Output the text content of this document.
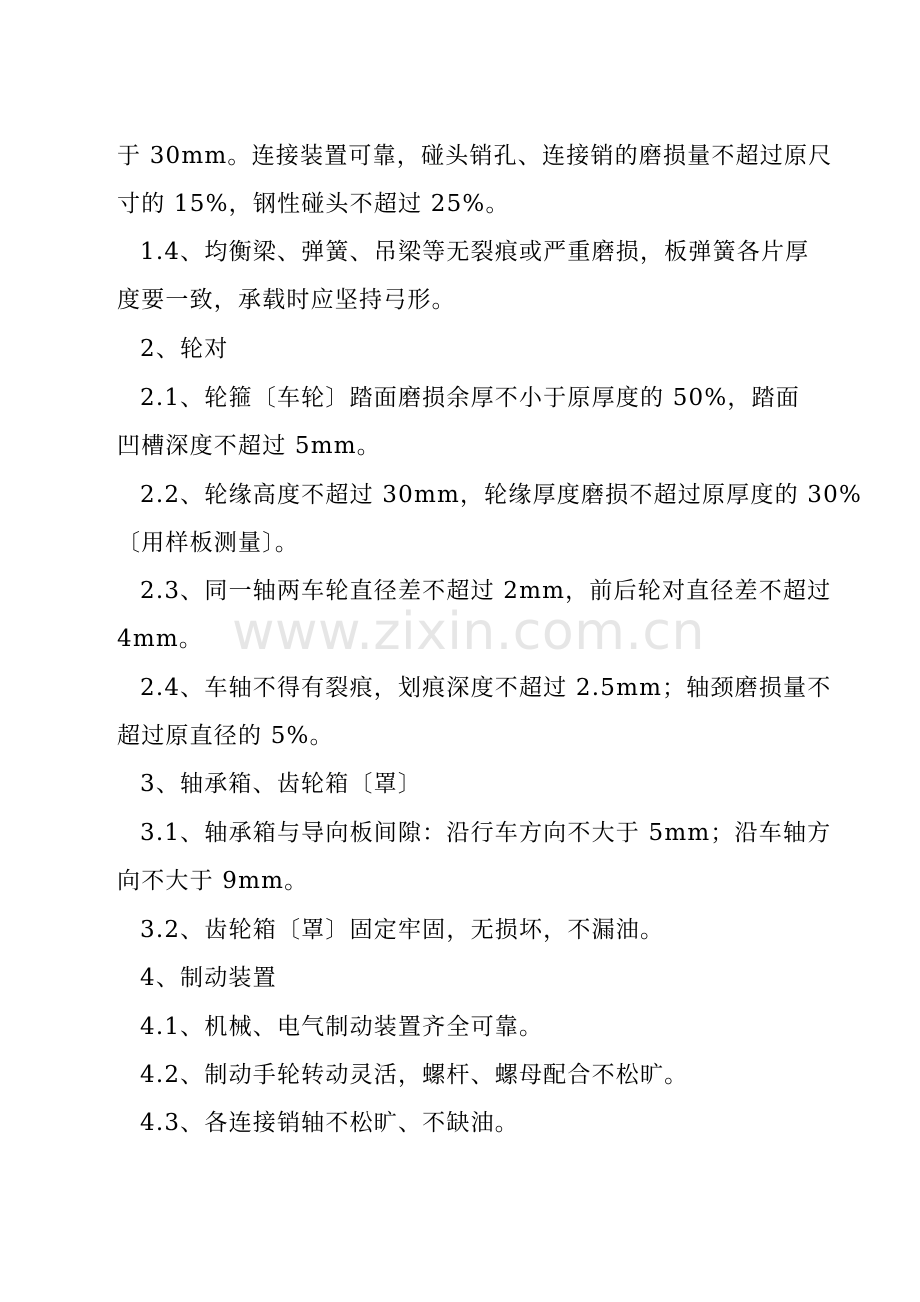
于 30mm。连接装置可靠，碰头销孔、连接销的磨损量不超过原尺
寸的 15%，钢性碰头不超过 25%。
1.4、均衡梁、弹簧、吊梁等无裂痕或严重磨损，板弹簧各片厚
度要一致，承载时应坚持弓形。
2、轮对
2.1、轮箍〔车轮〕踏面磨损余厚不小于原厚度的 50%，踏面
凹槽深度不超过 5mm。
2.2、轮缘高度不超过 30mm，轮缘厚度磨损不超过原厚度的 30%
〔用样板测量〕。
2.3、同一轴两车轮直径差不超过 2mm，前后轮对直径差不超过
4mm。
2.4、车轴不得有裂痕，划痕深度不超过 2.5mm；轴颈磨损量不
超过原直径的 5%。
3、轴承箱、齿轮箱〔罩〕
3.1、轴承箱与导向板间隙：沿行车方向不大于 5mm；沿车轴方
向不大于 9mm。
3.2、齿轮箱〔罩〕固定牢固，无损坏，不漏油。
4、制动装置
4.1、机械、电气制动装置齐全可靠。
4.2、制动手轮转动灵活，螺杆、螺母配合不松旷。
4.3、各连接销轴不松旷、不缺油。
www.zixin.com.cn
